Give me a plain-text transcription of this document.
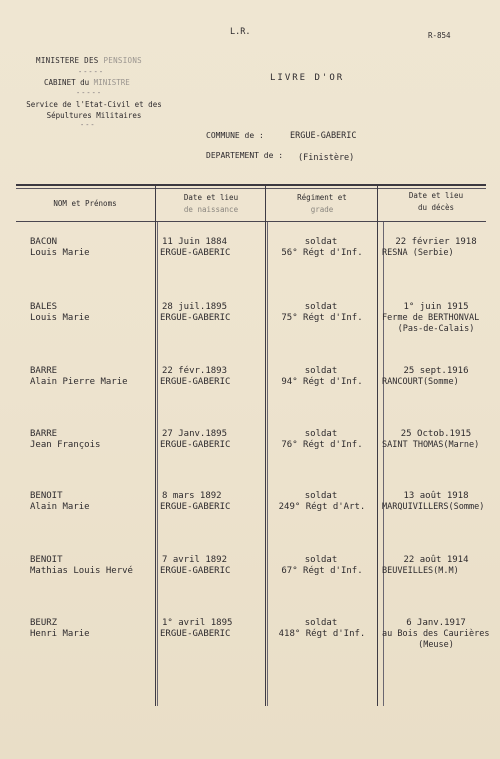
L.R.	R-854
MINISTERE DES PENSIONS
-----
CABINET du MINISTRE
-----
Service de l'Etat-Civil et des Sépultures Militaires
---
LIVRE D'OR
COMMUNE de :	ERGUE-GABERIC
DEPARTEMENT de : (Finistère)
NOM et Prénoms
Date et lieu
de naissance
Régiment et
grade
Date et lieu
du décès
BACON
Louis Marie
11 Juin 1884
ERGUE-GABERIC
soldat
56° Régt d'Inf.
22 février 1918
RESNA (Serbie)
BALES
Louis Marie
28 juil.1895
ERGUE-GABERIC
soldat
75° Régt d'Inf.
1° juin 1915
Ferme de BERTHONVAL
(Pas-de-Calais)
BARRE
Alain Pierre Marie
22 févr.1893
ERGUE-GABERIC
soldat
94° Régt d'Inf.
25 sept.1916
RANCOURT(Somme)
BARRE
Jean François
27 Janv.1895
ERGUE-GABERIC
soldat
76° Régt d'Inf.
25 Octob.1915
SAINT THOMAS(Marne)
BENOIT
Alain Marie
8 mars 1892
ERGUE-GABERIC
soldat
249° Régt d'Art.
13 août 1918
MARQUIVILLERS(Somme)
BENOIT
Mathias Louis Hervé
7 avril 1892
ERGUE-GABERIC
soldat
67° Régt d'Inf.
22 août 1914
BEUVEILLES(M.M)
BEURZ
Henri Marie
1° avril 1895
ERGUE-GABERIC
soldat
418° Régt d'Inf.
6 Janv.1917
au Bois des Caurières
(Meuse)
